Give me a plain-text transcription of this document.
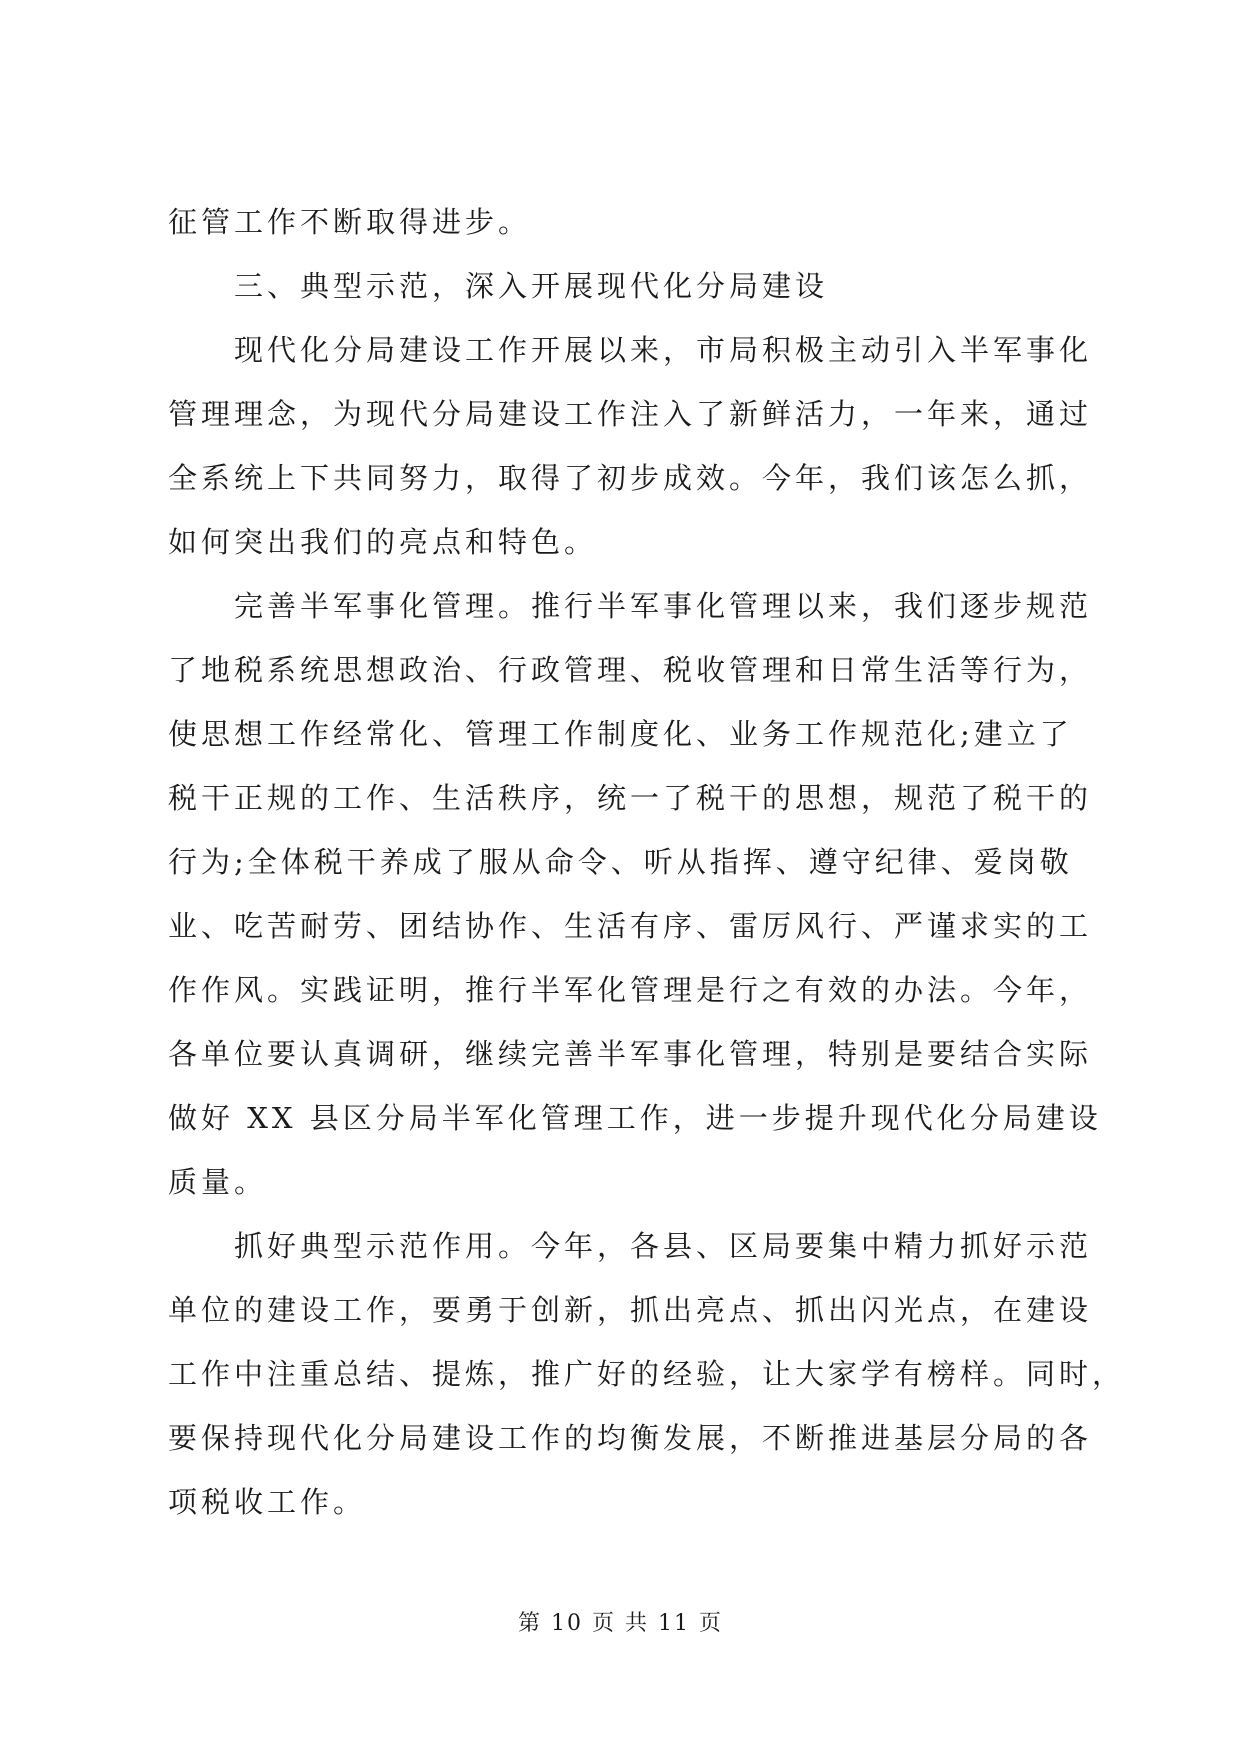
征管工作不断取得进步。
　　三、典型示范，深入开展现代化分局建设
　　现代化分局建设工作开展以来，市局积极主动引入半军事化
管理理念，为现代分局建设工作注入了新鲜活力，一年来，通过
全系统上下共同努力，取得了初步成效。今年，我们该怎么抓，
如何突出我们的亮点和特色。
　　完善半军事化管理。推行半军事化管理以来，我们逐步规范
了地税系统思想政治、行政管理、税收管理和日常生活等行为，
使思想工作经常化、管理工作制度化、业务工作规范化;建立了
税干正规的工作、生活秩序，统一了税干的思想，规范了税干的
行为;全体税干养成了服从命令、听从指挥、遵守纪律、爱岗敬
业、吃苦耐劳、团结协作、生活有序、雷厉风行、严谨求实的工
作作风。实践证明，推行半军化管理是行之有效的办法。今年，
各单位要认真调研，继续完善半军事化管理，特别是要结合实际
做好 XX 县区分局半军化管理工作，进一步提升现代化分局建设
质量。
　　抓好典型示范作用。今年，各县、区局要集中精力抓好示范
单位的建设工作，要勇于创新，抓出亮点、抓出闪光点，在建设
工作中注重总结、提炼，推广好的经验，让大家学有榜样。同时，
要保持现代化分局建设工作的均衡发展，不断推进基层分局的各
项税收工作。
第 10 页 共 11 页
